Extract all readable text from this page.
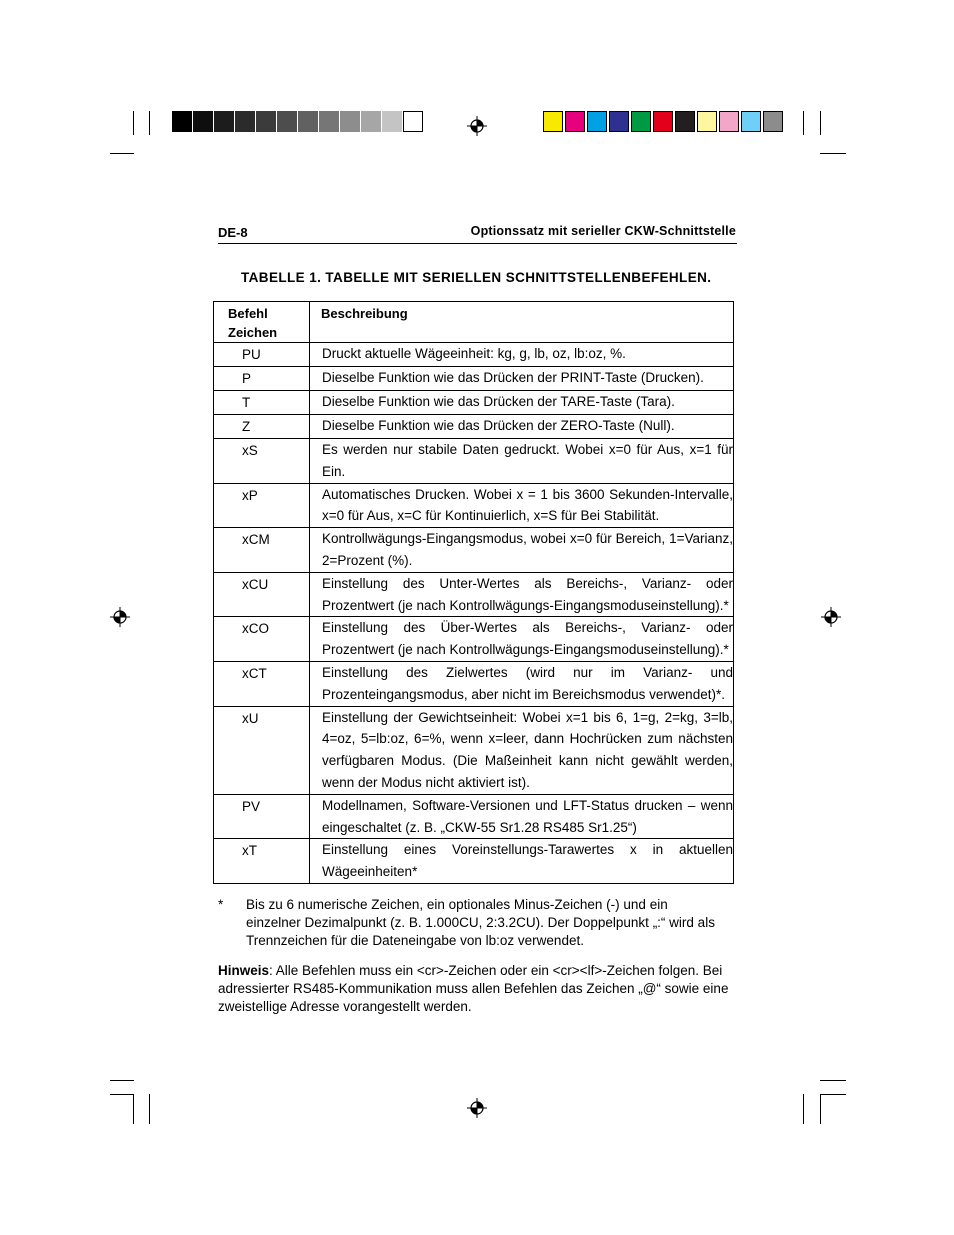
DE-8	Optionssatz mit serieller CKW-Schnittstelle
TABELLE 1. TABELLE MIT SERIELLEN SCHNITTSTELLENBEFEHLEN.
Befehl
Zeichen	Beschreibung
PU	Druckt aktuelle Wägeeinheit: kg, g, lb, oz, lb:oz, %.
P	Dieselbe Funktion wie das Drücken der PRINT-Taste (Drucken).
T	Dieselbe Funktion wie das Drücken der TARE-Taste (Tara).
Z	Dieselbe Funktion wie das Drücken der ZERO-Taste (Null).
xS	Es werden nur stabile Daten gedruckt. Wobei x=0 für Aus, x=1 für Ein.
xP	Automatisches Drucken. Wobei x = 1 bis 3600 Sekunden-Intervalle, x=0 für Aus, x=C für Kontinuierlich, x=S für Bei Stabilität.
xCM	Kontrollwägungs-Eingangsmodus, wobei x=0 für Bereich, 1=Varianz, 2=Prozent (%).
xCU	Einstellung des Unter-Wertes als Bereichs-, Varianz- oder Prozentwert (je nach Kontrollwägungs-Eingangsmoduseinstellung).*
xCO	Einstellung des Über-Wertes als Bereichs-, Varianz- oder Prozentwert (je nach Kontrollwägungs-Eingangsmoduseinstellung).*
xCT	Einstellung des Zielwertes (wird nur im Varianz- und Prozenteingangsmodus, aber nicht im Bereichsmodus verwendet)*.
xU	Einstellung der Gewichtseinheit: Wobei x=1 bis 6, 1=g, 2=kg, 3=lb, 4=oz, 5=lb:oz, 6=%, wenn x=leer, dann Hochrücken zum nächsten verfügbaren Modus. (Die Maßeinheit kann nicht gewählt werden, wenn der Modus nicht aktiviert ist).
PV	Modellnamen, Software-Versionen und LFT-Status drucken – wenn eingeschaltet (z. B. „CKW-55 Sr1.28 RS485 Sr1.25“)
xT	Einstellung eines Voreinstellungs-Tarawertes x in aktuellen Wägeeinheiten*
* Bis zu 6 numerische Zeichen, ein optionales Minus-Zeichen (-) und ein einzelner Dezimalpunkt (z. B. 1.000CU, 2:3.2CU). Der Doppelpunkt „:“ wird als Trennzeichen für die Dateneingabe von lb:oz verwendet.
Hinweis: Alle Befehlen muss ein <cr>-Zeichen oder ein <cr><lf>-Zeichen folgen. Bei adressierter RS485-Kommunikation muss allen Befehlen das Zeichen „@“ sowie eine zweistellige Adresse vorangestellt werden.
